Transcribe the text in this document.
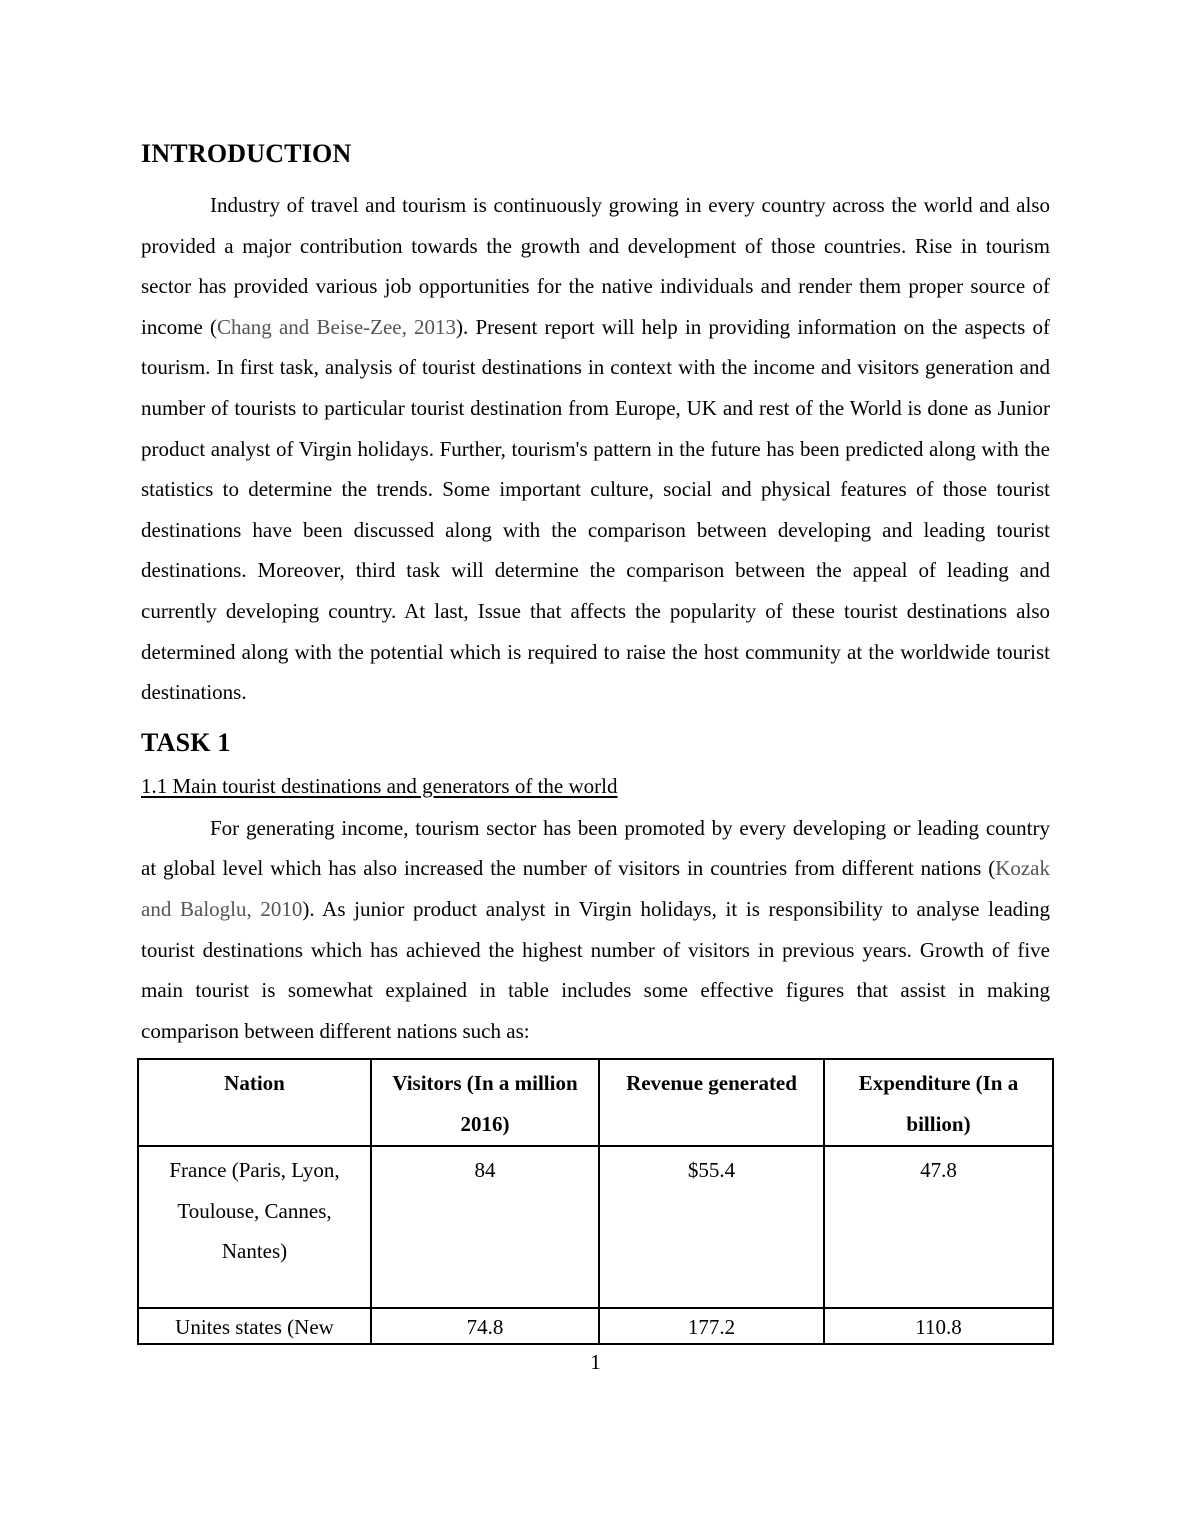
INTRODUCTION

Industry of travel and tourism is continuously growing in every country across the world and also provided a major contribution towards the growth and development of those countries. Rise in tourism sector has provided various job opportunities for the native individuals and render them proper source of income (Chang and Beise-Zee, 2013). Present report will help in providing information on the aspects of tourism. In first task, analysis of tourist destinations in context with the income and visitors generation and number of tourists to particular tourist destination from Europe, UK and rest of the World is done as Junior product analyst of Virgin holidays. Further, tourism's pattern in the future has been predicted along with the statistics to determine the trends. Some important culture, social and physical features of those tourist destinations have been discussed along with the comparison between developing and leading tourist destinations. Moreover, third task will determine the comparison between the appeal of leading and currently developing country. At last, Issue that affects the popularity of these tourist destinations also determined along with the potential which is required to raise the host community at the worldwide tourist destinations.

TASK 1
1.1 Main tourist destinations and generators of the world

For generating income, tourism sector has been promoted by every developing or leading country at global level which has also increased the number of visitors in countries from different nations (Kozak and Baloglu, 2010). As junior product analyst in Virgin holidays, it is responsibility to analyse leading tourist destinations which has achieved the highest number of visitors in previous years. Growth of five main tourist is somewhat explained in table includes some effective figures that assist in making comparison between different nations such as:

Nation	Visitors (In a million 2016)	Revenue generated	Expenditure (In a billion)
France (Paris, Lyon, Toulouse, Cannes, Nantes)	84	$55.4	47.8
Unites states (New	74.8	177.2	110.8
1
